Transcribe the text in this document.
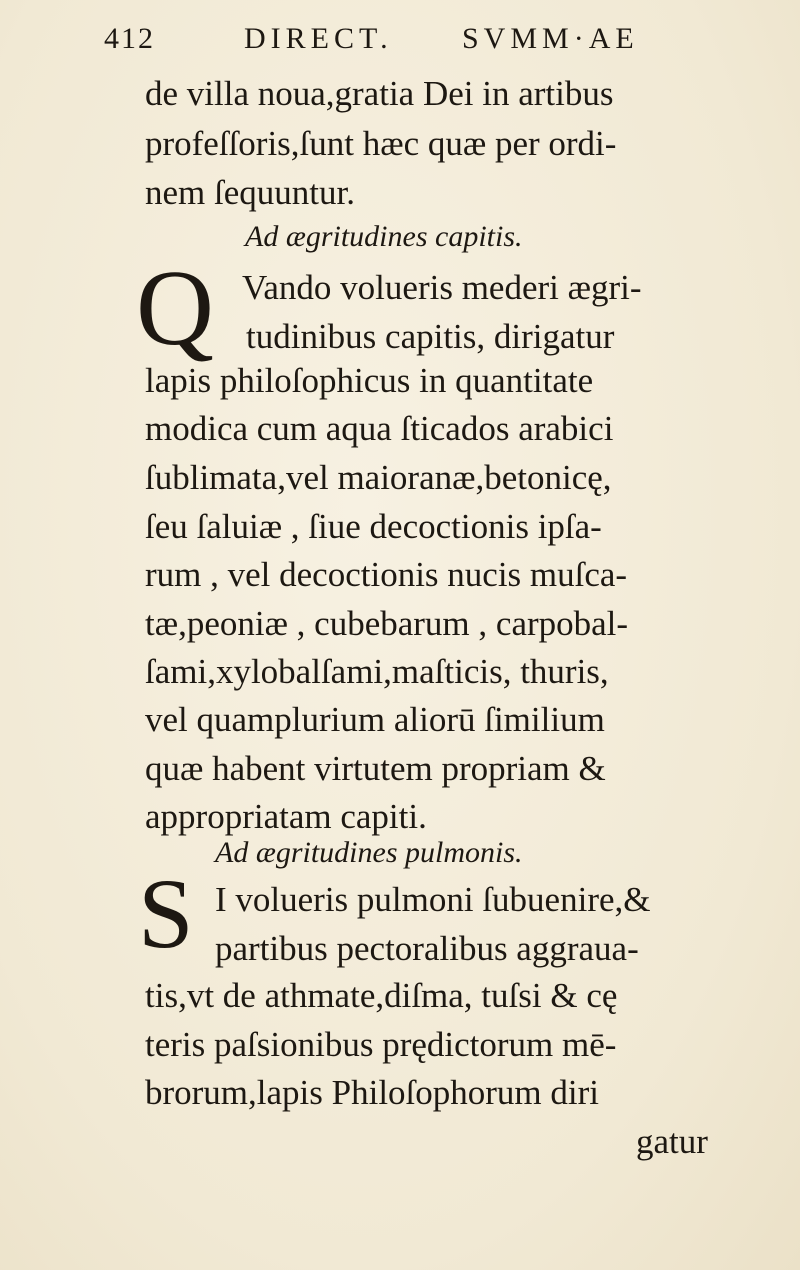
412	DIRECT. SVMM·AE
de villa noua,gratia Dei in artibus
profeſſoris,ſunt hæc quæ per ordi-
nem ſequuntur.
Ad ægritudines capitis.
Q Vando volueris mederi ægri-
tudinibus capitis, dirigatur
lapis philoſophicus in quantitate
modica cum aqua ſticados arabici
ſublimata,vel maioranæ,betonicę,
ſeu ſaluiæ , ſiue decoctionis ipſa-
rum , vel decoctionis nucis muſca-
tæ,peoniæ , cubebarum , carpobal-
ſami,xylobalſami,maſticis, thuris,
vel quamplurium aliorū ſimilium
quæ habent virtutem propriam &
appropriatam capiti.
Ad ægritudines pulmonis.
S I volueris pulmoni ſubuenire,&
partibus pectoralibus aggraua-
tis,vt de athmate,diſma, tuſsi & cę
teris paſsionibus prędictorum mē-
brorum,lapis Philoſophorum diri
gatur
